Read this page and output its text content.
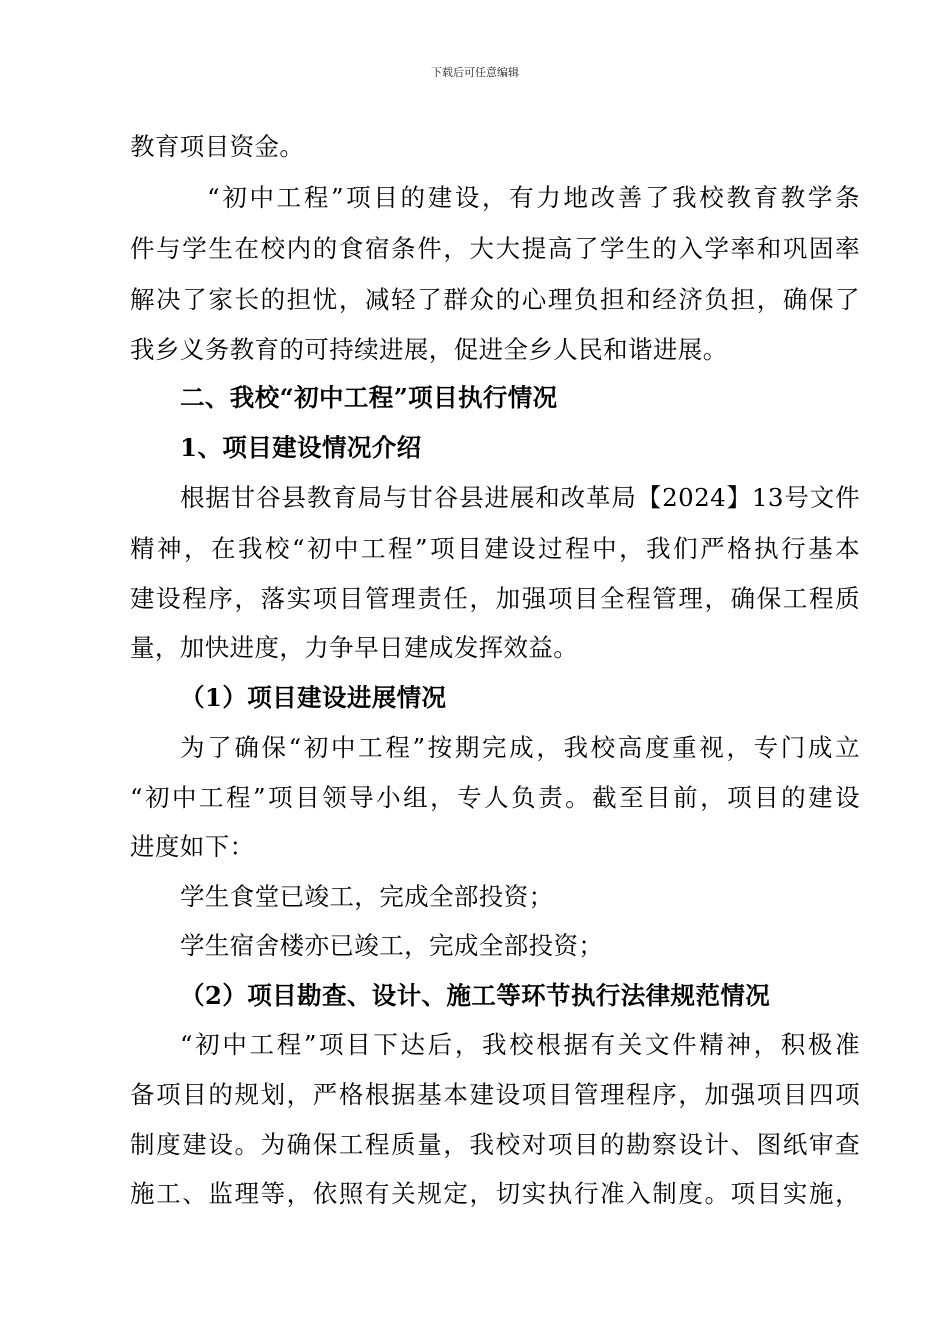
下载后可任意编辑
教育项目资金。
　“初中工程”项目的建设，有力地改善了我校教育教学条
件与学生在校内的食宿条件，大大提高了学生的入学率和巩固率
解决了家长的担忧，减轻了群众的心理负担和经济负担，确保了
我乡义务教育的可持续进展，促进全乡人民和谐进展。
二、我校“初中工程”项目执行情况
1、项目建设情况介绍
根据甘谷县教育局与甘谷县进展和改革局【2024】13号文件
精神，在我校“初中工程”项目建设过程中，我们严格执行基本
建设程序，落实项目管理责任，加强项目全程管理，确保工程质
量，加快进度，力争早日建成发挥效益。
（1）项目建设进展情况
为了确保“初中工程”按期完成，我校高度重视，专门成立
“初中工程”项目领导小组，专人负责。截至目前，项目的建设
进度如下：
学生食堂已竣工，完成全部投资；
学生宿舍楼亦已竣工，完成全部投资；
（2）项目勘查、设计、施工等环节执行法律规范情况
“初中工程”项目下达后，我校根据有关文件精神，积极准
备项目的规划，严格根据基本建设项目管理程序，加强项目四项
制度建设。为确保工程质量，我校对项目的勘察设计、图纸审查
施工、监理等，依照有关规定，切实执行准入制度。项目实施，
